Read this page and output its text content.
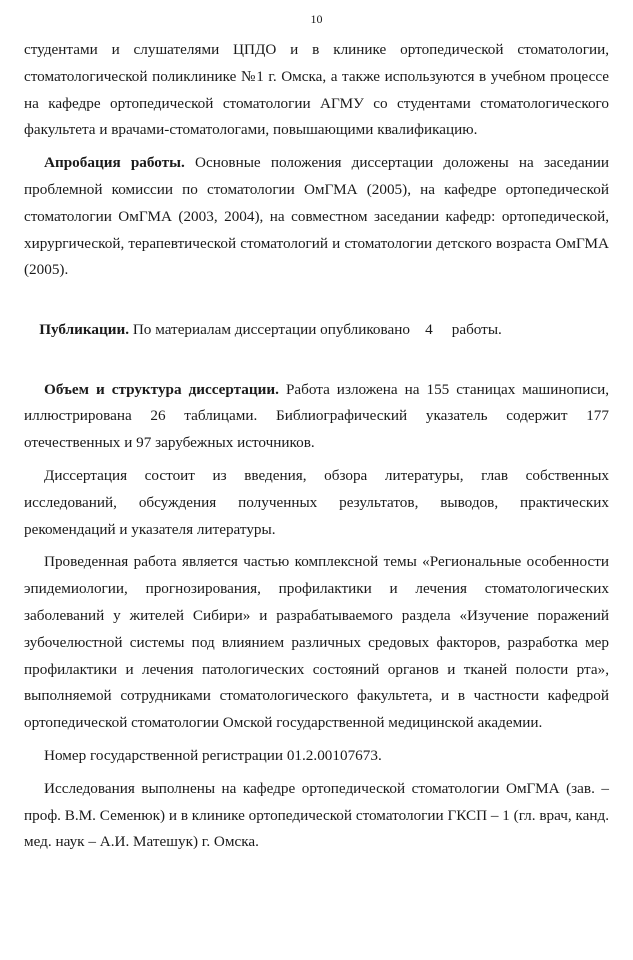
10

студентами и слушателями ЦПДО и в клинике ортопедической стоматологии, стоматологической поликлинике №1 г. Омска, а также используются в учебном процессе на кафедре ортопедической стоматологии АГМУ со студентами стоматологического факультета и врачами-стоматологами, повышающими квалификацию.

Апробация работы. Основные положения диссертации доложены на заседании проблемной комиссии по стоматологии ОмГМА (2005), на кафедре ортопедической стоматологии ОмГМА (2003, 2004), на совместном заседании кафедр: ортопедической, хирургической, терапевтической стоматологий и стоматологии детского возраста ОмГМА (2005).

Публикации. По материалам диссертации опубликовано    4     работы.

Объем и структура диссертации. Работа изложена на 155 станицах машинописи, иллюстрирована 26 таблицами. Библиографический указатель содержит 177 отечественных и 97 зарубежных источников.

Диссертация состоит из введения, обзора литературы, глав собственных исследований, обсуждения полученных результатов, выводов, практических рекомендаций и указателя литературы.

Проведенная работа является частью комплексной темы «Региональные особенности эпидемиологии, прогнозирования, профилактики и лечения стоматологических заболеваний у жителей Сибири» и разрабатываемого раздела «Изучение поражений зубочелюстной системы под влиянием различных средовых факторов, разработка мер профилактики и лечения патологических состояний органов и тканей полости рта», выполняемой сотрудниками стоматологического факультета, и в частности кафедрой ортопедической стоматологии Омской государственной медицинской академии.

Номер государственной регистрации 01.2.00107673.

Исследования выполнены на кафедре ортопедической стоматологии ОмГМА (зав. – проф. В.М. Семенюк) и в клинике ортопедической стоматологии ГКСП – 1 (гл. врач, канд. мед. наук – А.И. Матешук) г. Омска.
